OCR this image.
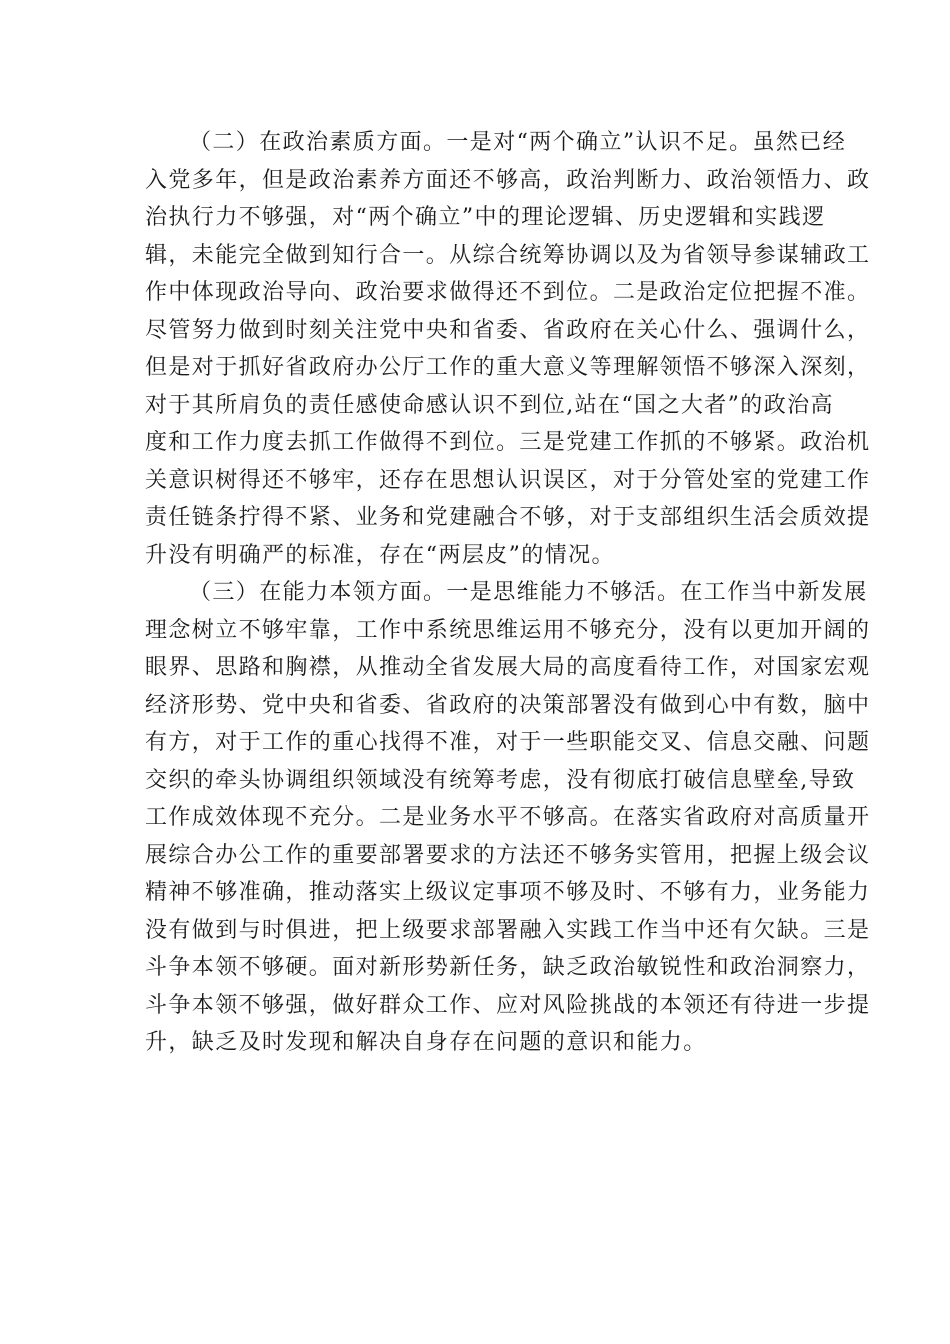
（二）在政治素质方面。一是对“两个确立”认识不足。虽然已经
入党多年，但是政治素养方面还不够高，政治判断力、政治领悟力、政
治执行力不够强，对“两个确立”中的理论逻辑、历史逻辑和实践逻
辑，未能完全做到知行合一。从综合统筹协调以及为省领导参谋辅政工
作中体现政治导向、政治要求做得还不到位。二是政治定位把握不准。
尽管努力做到时刻关注党中央和省委、省政府在关心什么、强调什么，
但是对于抓好省政府办公厅工作的重大意义等理解领悟不够深入深刻，
对于其所肩负的责任感使命感认识不到位,站在“国之大者”的政治高
度和工作力度去抓工作做得不到位。三是党建工作抓的不够紧。政治机
关意识树得还不够牢，还存在思想认识误区，对于分管处室的党建工作
责任链条拧得不紧、业务和党建融合不够，对于支部组织生活会质效提
升没有明确严的标准，存在“两层皮”的情况。

（三）在能力本领方面。一是思维能力不够活。在工作当中新发展
理念树立不够牢靠，工作中系统思维运用不够充分，没有以更加开阔的
眼界、思路和胸襟，从推动全省发展大局的高度看待工作，对国家宏观
经济形势、党中央和省委、省政府的决策部署没有做到心中有数，脑中
有方，对于工作的重心找得不准，对于一些职能交叉、信息交融、问题
交织的牵头协调组织领域没有统筹考虑，没有彻底打破信息壁垒,导致
工作成效体现不充分。二是业务水平不够高。在落实省政府对高质量开
展综合办公工作的重要部署要求的方法还不够务实管用，把握上级会议
精神不够准确，推动落实上级议定事项不够及时、不够有力，业务能力
没有做到与时俱进，把上级要求部署融入实践工作当中还有欠缺。三是
斗争本领不够硬。面对新形势新任务，缺乏政治敏锐性和政治洞察力，
斗争本领不够强，做好群众工作、应对风险挑战的本领还有待进一步提
升，缺乏及时发现和解决自身存在问题的意识和能力。
